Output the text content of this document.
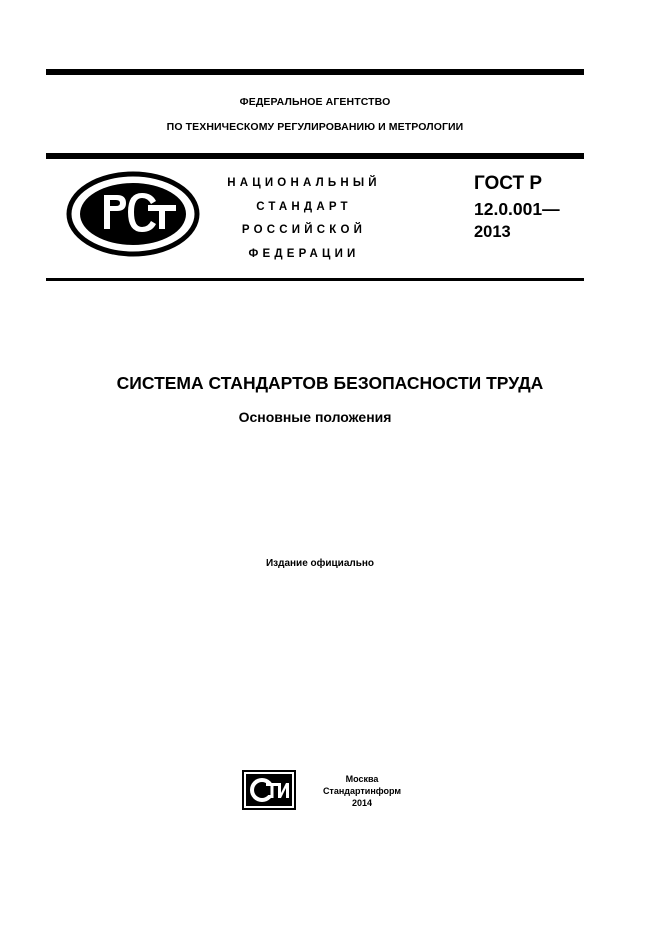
ФЕДЕРАЛЬНОЕ АГЕНТСТВО
ПО ТЕХНИЧЕСКОМУ РЕГУЛИРОВАНИЮ И МЕТРОЛОГИИ
НАЦИОНАЛЬНЫЙ
СТАНДАРТ
РОССИЙСКОЙ
ФЕДЕРАЦИИ
ГОСТ Р
12.0.001—
2013
СИСТЕМА СТАНДАРТОВ БЕЗОПАСНОСТИ ТРУДА
Основные положения
Издание официально
Москва
Стандартинформ
2014
